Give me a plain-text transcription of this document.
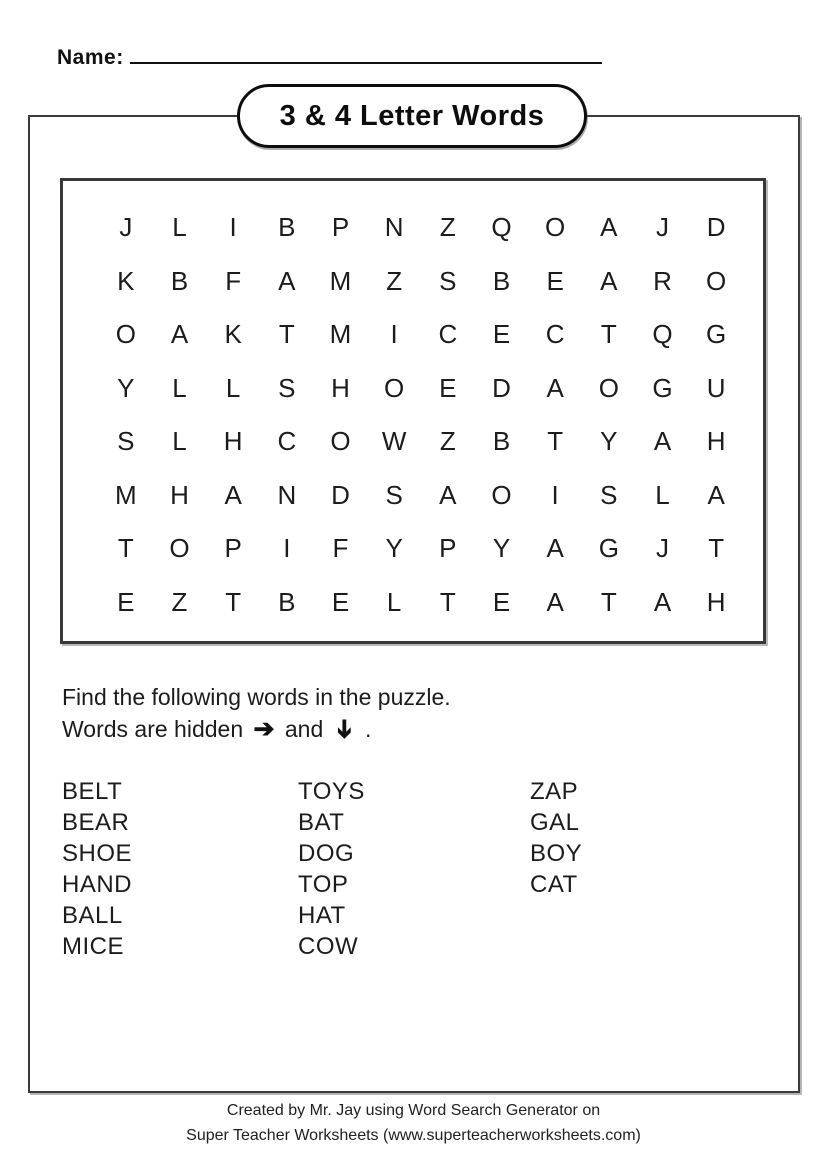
Name:
3 & 4 Letter Words
J	L	I	B	P	N	Z	Q	O	A	J	D
K	B	F	A	M	Z	S	B	E	A	R	O
O	A	K	T	M	I	C	E	C	T	Q	G
Y	L	L	S	H	O	E	D	A	O	G	U
S	L	H	C	O	W	Z	B	T	Y	A	H
M	H	A	N	D	S	A	O	I	S	L	A
T	O	P	I	F	Y	P	Y	A	G	J	T
E	Z	T	B	E	L	T	E	A	T	A	H
Find the following words in the puzzle.
Words are hidden ➔ and ➔ .
BELT
BEAR
SHOE
HAND
BALL
MICE
TOYS
BAT
DOG
TOP
HAT
COW
ZAP
GAL
BOY
CAT
Created by Mr. Jay using Word Search Generator on
Super Teacher Worksheets (www.superteacherworksheets.com)
